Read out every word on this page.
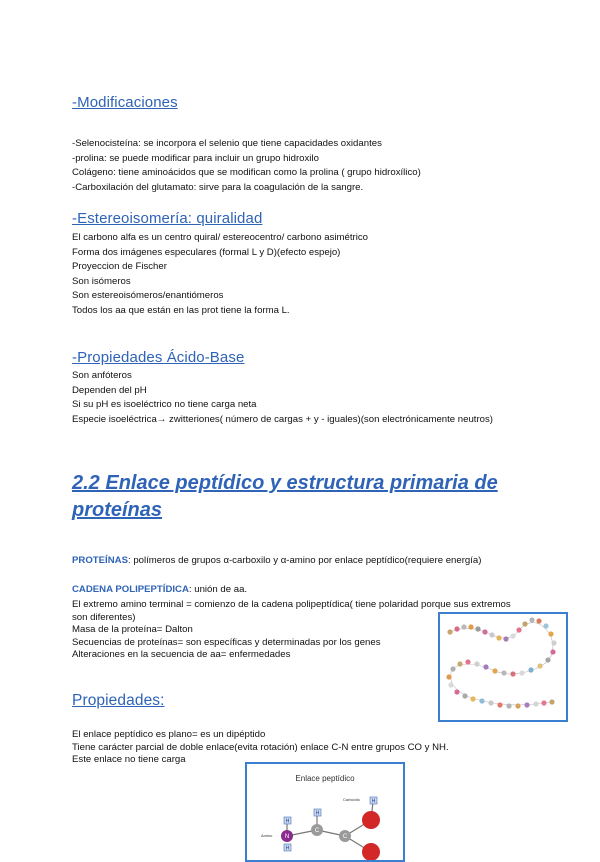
-Modificaciones
-Selenocisteína: se incorpora el selenio que tiene capacidades oxidantes
-prolina: se puede modificar para incluir un grupo hidroxilo
Colágeno: tiene aminoácidos que se modifican como la prolina ( grupo hidroxílico)
-Carboxilación del glutamato: sirve para la coagulación de la sangre.
-Estereoisomería: quiralidad
El carbono alfa es un centro quiral/ estereocentro/ carbono asimétrico
Forma dos imágenes especulares (formal L y D)(efecto espejo)
Proyeccion de Fischer
Son isómeros
Son estereoisómeros/enantiómeros
Todos los aa que están en las prot tiene la forma L.
-Propiedades Ácido-Base
Son anfóteros
Dependen del pH
Si su pH es isoeléctrico no tiene carga neta
Especie isoeléctrica→ zwitteriones( número de cargas + y - iguales)(son electrónicamente neutros)
2.2 Enlace peptídico y estructura primaria de proteínas
PROTEÍNAS: polímeros de grupos α-carboxilo y α-amino por enlace peptídico(requiere energía)
CADENA POLIPEPTÍDICA: unión de aa.
El extremo amino terminal = comienzo de la cadena polipeptídica( tiene polaridad porque sus extremos son diferentes)
Masa de la proteína= Dalton
Secuencias de proteínas= son específicas y determinadas por los genes
Alteraciones en la secuencia de aa= enfermedades
Propiedades:
El enlace peptídico es plano= es un dipéptido
Tiene carácter parcial de doble enlace(evita rotación) enlace C-N entre grupos CO y NH.
Este enlace no tiene carga
Enlace peptídico
H
H
H
H
N
C
C
Amino
Carboxilo
